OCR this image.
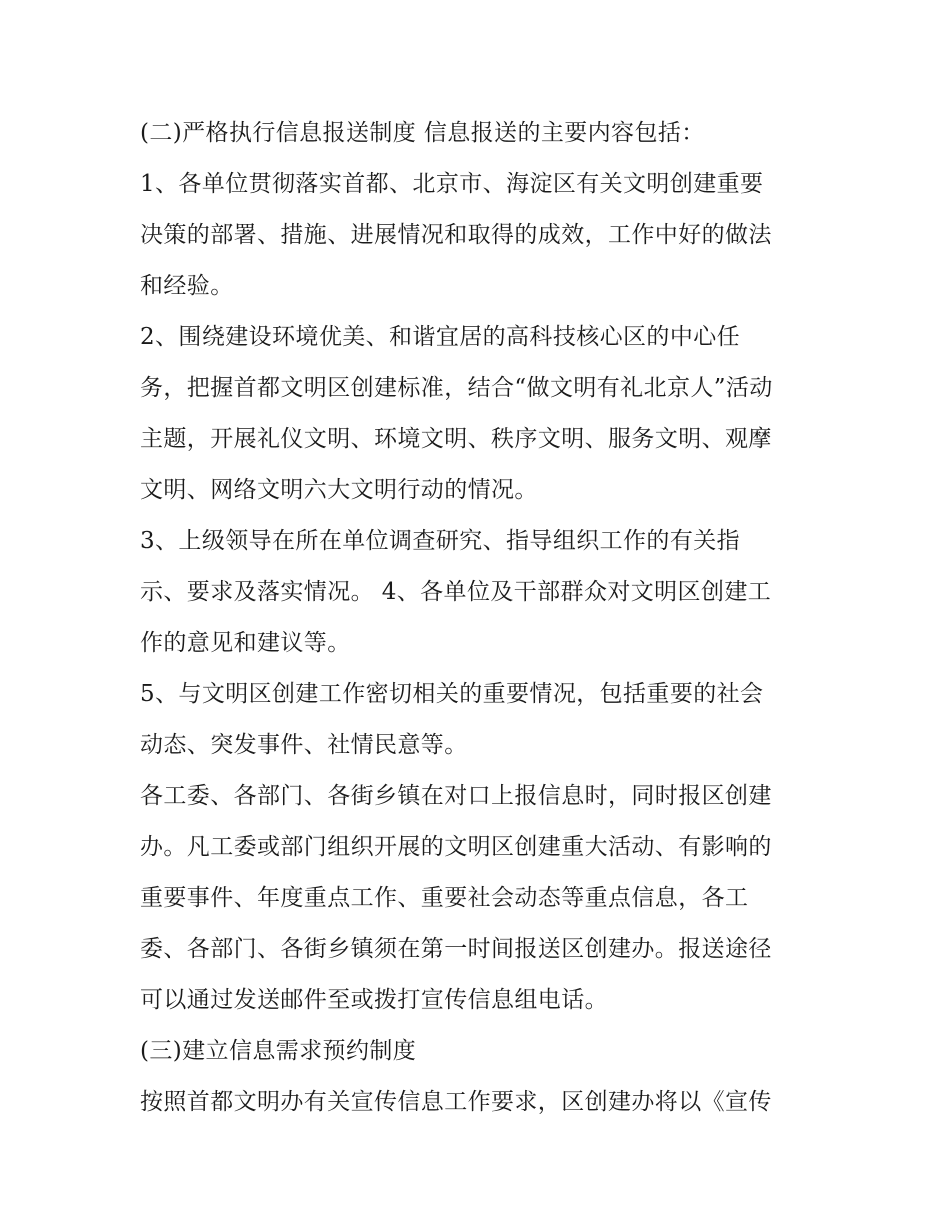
(二)严格执行信息报送制度 信息报送的主要内容包括：
1、各单位贯彻落实首都、北京市、海淀区有关文明创建重要
决策的部署、措施、进展情况和取得的成效，工作中好的做法
和经验。
2、围绕建设环境优美、和谐宜居的高科技核心区的中心任
务，把握首都文明区创建标准，结合“做文明有礼北京人”活动
主题，开展礼仪文明、环境文明、秩序文明、服务文明、观摩
文明、网络文明六大文明行动的情况。
3、上级领导在所在单位调查研究、指导组织工作的有关指
示、要求及落实情况。 4、各单位及干部群众对文明区创建工
作的意见和建议等。
5、与文明区创建工作密切相关的重要情况，包括重要的社会
动态、突发事件、社情民意等。
各工委、各部门、各街乡镇在对口上报信息时，同时报区创建
办。凡工委或部门组织开展的文明区创建重大活动、有影响的
重要事件、年度重点工作、重要社会动态等重点信息，各工
委、各部门、各街乡镇须在第一时间报送区创建办。报送途径
可以通过发送邮件至或拨打宣传信息组电话。
(三)建立信息需求预约制度
按照首都文明办有关宣传信息工作要求，区创建办将以《宣传
